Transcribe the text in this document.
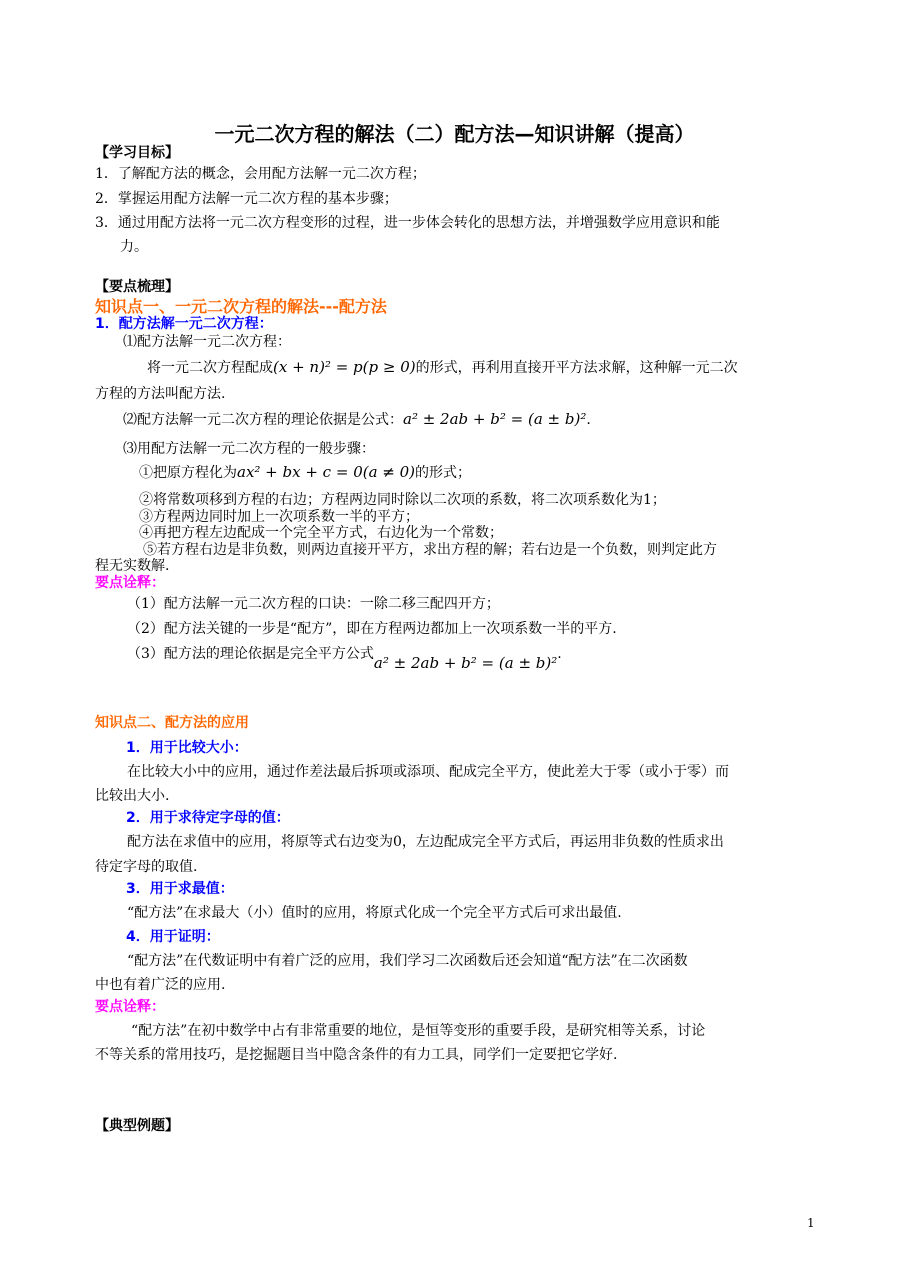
一元二次方程的解法（二）配方法—知识讲解（提高）
【学习目标】
1．了解配方法的概念，会用配方法解一元二次方程；
2．掌握运用配方法解一元二次方程的基本步骤；
3．通过用配方法将一元二次方程变形的过程，进一步体会转化的思想方法，并增强数学应用意识和能
力。
【要点梳理】
知识点一、一元二次方程的解法---配方法
1．配方法解一元二次方程：
⑴配方法解一元二次方程：
将一元二次方程配成(x + n)² = p(p ≥ 0)的形式，再利用直接开平方法求解，这种解一元二次
方程的方法叫配方法.
⑵配方法解一元二次方程的理论依据是公式：a² ± 2ab + b² = (a ± b)².
⑶用配方法解一元二次方程的一般步骤：
①把原方程化为ax² + bx + c = 0(a ≠ 0)的形式；
②将常数项移到方程的右边；方程两边同时除以二次项的系数，将二次项系数化为1；
③方程两边同时加上一次项系数一半的平方；
④再把方程左边配成一个完全平方式，右边化为一个常数；
⑤若方程右边是非负数，则两边直接开平方，求出方程的解；若右边是一个负数，则判定此方
程无实数解.
要点诠释：
（1）配方法解一元二次方程的口诀：一除二移三配四开方；
（2）配方法关键的一步是“配方”，即在方程两边都加上一次项系数一半的平方.
（3）配方法的理论依据是完全平方公式a² ± 2ab + b² = (a ± b)².
知识点二、配方法的应用
1．用于比较大小：
在比较大小中的应用，通过作差法最后拆项或添项、配成完全平方，使此差大于零（或小于零）而
比较出大小.
2．用于求待定字母的值：
配方法在求值中的应用，将原等式右边变为0，左边配成完全平方式后，再运用非负数的性质求出
待定字母的取值.
3．用于求最值：
“配方法”在求最大（小）值时的应用，将原式化成一个完全平方式后可求出最值.
4．用于证明：
“配方法”在代数证明中有着广泛的应用，我们学习二次函数后还会知道“配方法”在二次函数
中也有着广泛的应用.
要点诠释：
“配方法”在初中数学中占有非常重要的地位，是恒等变形的重要手段，是研究相等关系，讨论
不等关系的常用技巧，是挖掘题目当中隐含条件的有力工具，同学们一定要把它学好.
【典型例题】
1
